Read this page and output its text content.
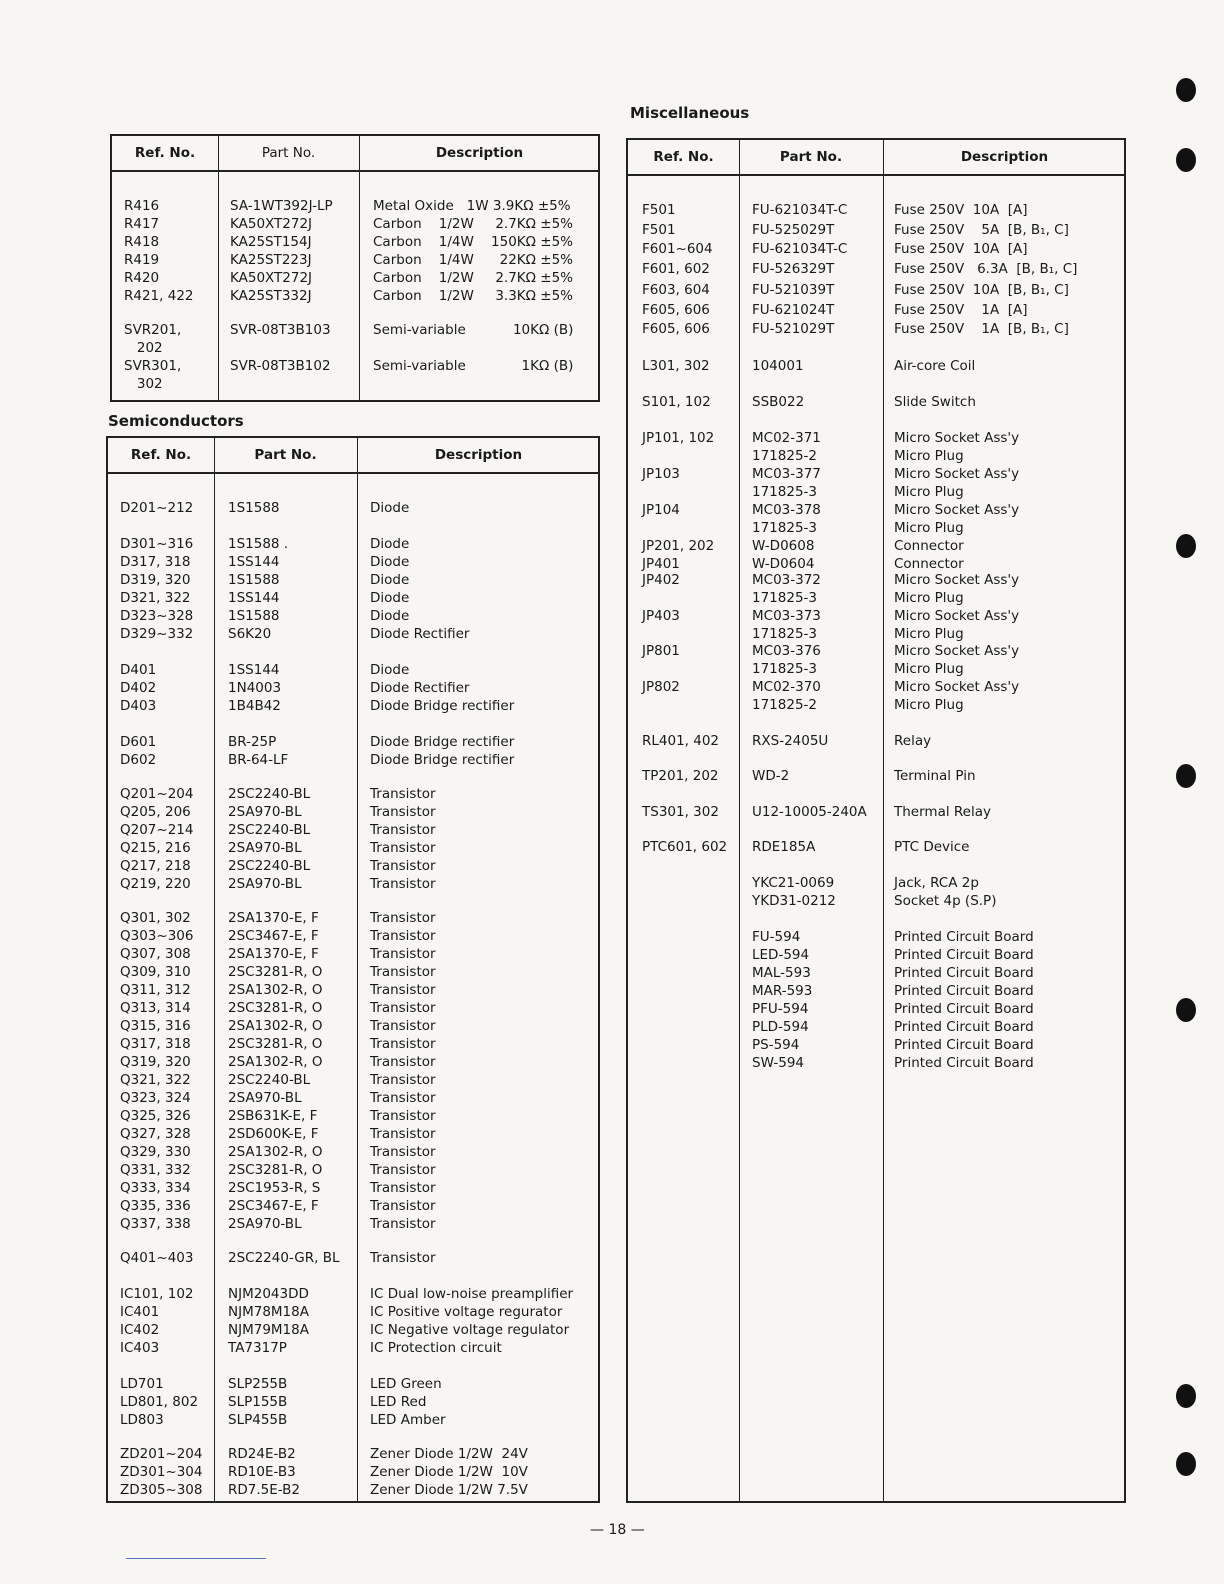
Miscellaneous
Semiconductors
Ref. No.	Part No.	Description
R416	SA-1WT392J-LP	Metal Oxide   1W 3.9KΩ ±5%
R417	KA50XT272J	Carbon    1/2W     2.7KΩ ±5%
R418	KA25ST154J	Carbon    1/4W    150KΩ ±5%
R419	KA25ST223J	Carbon    1/4W      22KΩ ±5%
R420	KA50XT272J	Carbon    1/2W     2.7KΩ ±5%
R421, 422	KA25ST332J	Carbon    1/2W     3.3KΩ ±5%
SVR201,	SVR-08T3B103	Semi-variable           10KΩ (B)
202
SVR301,	SVR-08T3B102	Semi-variable             1KΩ (B)
302
Ref. No.	Part No.	Description
D201~212	1S1588	Diode
D301~316	1S1588 .	Diode
D317, 318	1SS144	Diode
D319, 320	1S1588	Diode
D321, 322	1SS144	Diode
D323~328	1S1588	Diode
D329~332	S6K20	Diode Rectifier
D401	1SS144	Diode
D402	1N4003	Diode Rectifier
D403	1B4B42	Diode Bridge rectifier
D601	BR-25P	Diode Bridge rectifier
D602	BR-64-LF	Diode Bridge rectifier
Q201~204	2SC2240-BL	Transistor
Q205, 206	2SA970-BL	Transistor
Q207~214	2SC2240-BL	Transistor
Q215, 216	2SA970-BL	Transistor
Q217, 218	2SC2240-BL	Transistor
Q219, 220	2SA970-BL	Transistor
Q301, 302	2SA1370-E, F	Transistor
Q303~306	2SC3467-E, F	Transistor
Q307, 308	2SA1370-E, F	Transistor
Q309, 310	2SC3281-R, O	Transistor
Q311, 312	2SA1302-R, O	Transistor
Q313, 314	2SC3281-R, O	Transistor
Q315, 316	2SA1302-R, O	Transistor
Q317, 318	2SC3281-R, O	Transistor
Q319, 320	2SA1302-R, O	Transistor
Q321, 322	2SC2240-BL	Transistor
Q323, 324	2SA970-BL	Transistor
Q325, 326	2SB631K-E, F	Transistor
Q327, 328	2SD600K-E, F	Transistor
Q329, 330	2SA1302-R, O	Transistor
Q331, 332	2SC3281-R, O	Transistor
Q333, 334	2SC1953-R, S	Transistor
Q335, 336	2SC3467-E, F	Transistor
Q337, 338	2SA970-BL	Transistor
Q401~403	2SC2240-GR, BL Transistor
IC101, 102	NJM2043DD	IC Dual low-noise preamplifier
IC401	NJM78M18A	IC Positive voltage regurator
IC402	NJM79M18A	IC Negative voltage regulator
IC403	TA7317P	IC Protection circuit
LD701	SLP255B	LED Green
LD801, 802 SLP155B	LED Red
LD803	SLP455B	LED Amber
ZD201~204 RD24E-B2	Zener Diode 1/2W  24V
ZD301~304 RD10E-B3	Zener Diode 1/2W  10V
ZD305~308 RD7.5E-B2	Zener Diode 1/2W 7.5V
Ref. No.	Part No.	Description
F501	FU-621034T-C	Fuse 250V  10A  [A]
F501	FU-525029T	Fuse 250V    5A  [B, B₁, C]
F601~604	FU-621034T-C	Fuse 250V  10A  [A]
F601, 602	FU-526329T	Fuse 250V   6.3A  [B, B₁, C]
F603, 604	FU-521039T	Fuse 250V  10A  [B, B₁, C]
F605, 606	FU-621024T	Fuse 250V    1A  [A]
F605, 606	FU-521029T	Fuse 250V    1A  [B, B₁, C]
L301, 302	104001	Air-core Coil
S101, 102	SSB022	Slide Switch
JP101, 102	MC02-371	Micro Socket Ass'y
171825-2	Micro Plug
JP103	MC03-377	Micro Socket Ass'y
171825-3	Micro Plug
JP104	MC03-378	Micro Socket Ass'y
171825-3	Micro Plug
JP201, 202	W-D0608	Connector
JP401	W-D0604	Connector
JP402	MC03-372	Micro Socket Ass'y
171825-3	Micro Plug
JP403	MC03-373	Micro Socket Ass'y
171825-3	Micro Plug
JP801	MC03-376	Micro Socket Ass'y
171825-3	Micro Plug
JP802	MC02-370	Micro Socket Ass'y
171825-2	Micro Plug
RL401, 402 RXS-2405U	Relay
TP201, 202 WD-2	Terminal Pin
TS301, 302 U12-10005-240A Thermal Relay
PTC601, 602 RDE185A	PTC Device
YKC21-0069	Jack, RCA 2p
YKD31-0212	Socket 4p (S.P)
FU-594	Printed Circuit Board
LED-594	Printed Circuit Board
MAL-593	Printed Circuit Board
MAR-593	Printed Circuit Board
PFU-594	Printed Circuit Board
PLD-594	Printed Circuit Board
PS-594	Printed Circuit Board
SW-594	Printed Circuit Board
— 18 —
